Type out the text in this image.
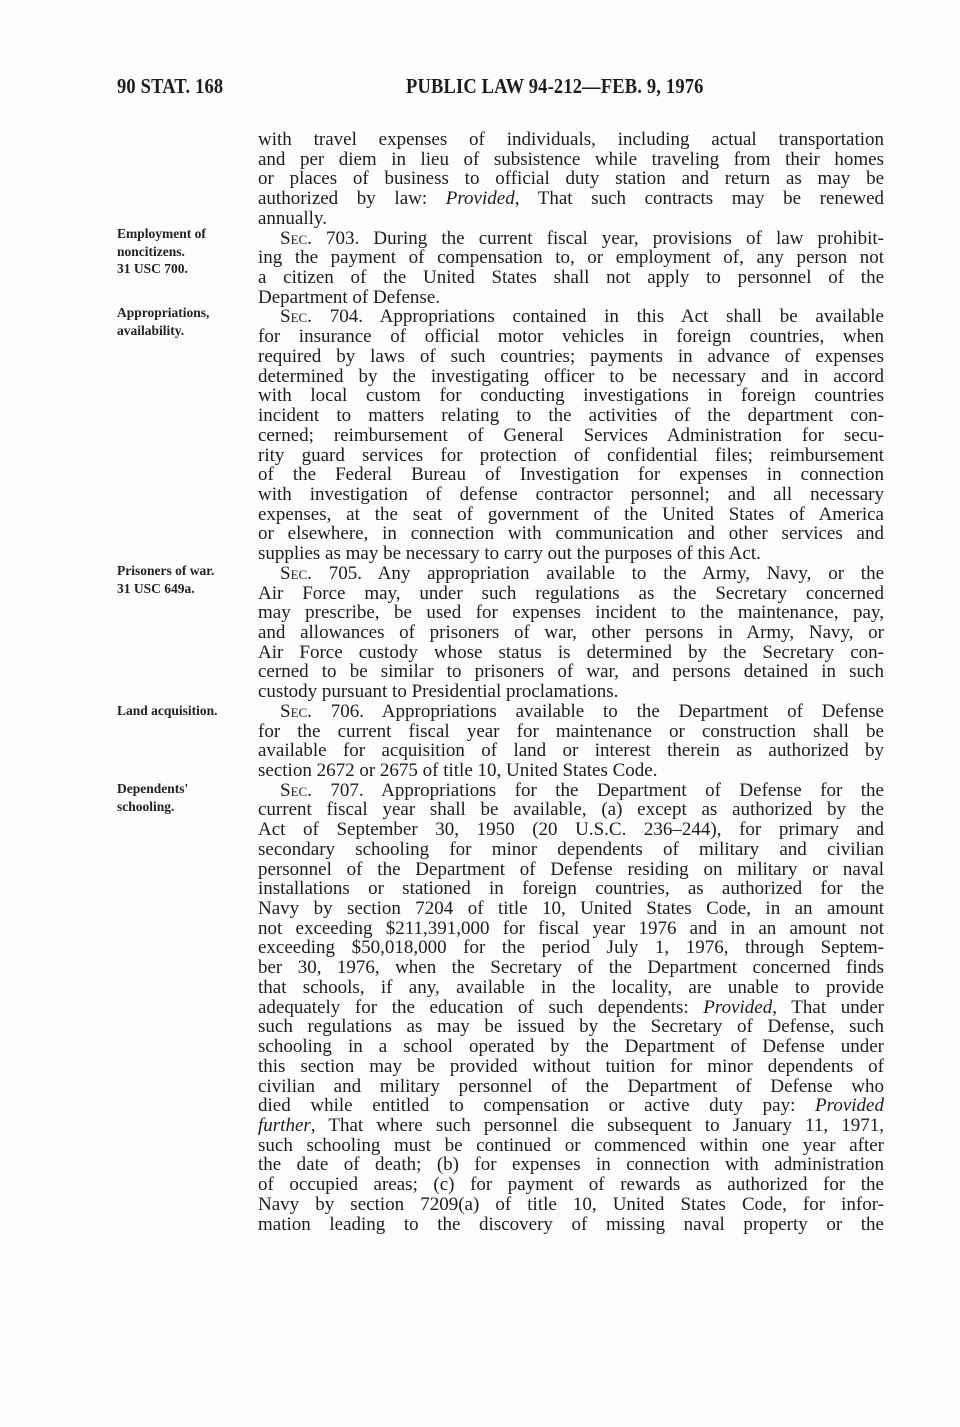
90 STAT. 168	PUBLIC LAW 94-212—FEB. 9, 1976
Employment of
noncitizens.
31 USC 700.
Appropriations,
availability.
Prisoners of war.
31 USC 649a.
Land acquisition.
Dependents'
schooling.
with travel expenses of individuals, including actual transportation
and per diem in lieu of subsistence while traveling from their homes
or places of business to official duty station and return as may be
authorized by law: Provided, That such contracts may be renewed
annually.
Sec. 703. During the current fiscal year, provisions of law prohibit-
ing the payment of compensation to, or employment of, any person not
a citizen of the United States shall not apply to personnel of the
Department of Defense.
Sec. 704. Appropriations contained in this Act shall be available
for insurance of official motor vehicles in foreign countries, when
required by laws of such countries; payments in advance of expenses
determined by the investigating officer to be necessary and in accord
with local custom for conducting investigations in foreign countries
incident to matters relating to the activities of the department con-
cerned; reimbursement of General Services Administration for secu-
rity guard services for protection of confidential files; reimbursement
of the Federal Bureau of Investigation for expenses in connection
with investigation of defense contractor personnel; and all necessary
expenses, at the seat of government of the United States of America
or elsewhere, in connection with communication and other services and
supplies as may be necessary to carry out the purposes of this Act.
Sec. 705. Any appropriation available to the Army, Navy, or the
Air Force may, under such regulations as the Secretary concerned
may prescribe, be used for expenses incident to the maintenance, pay,
and allowances of prisoners of war, other persons in Army, Navy, or
Air Force custody whose status is determined by the Secretary con-
cerned to be similar to prisoners of war, and persons detained in such
custody pursuant to Presidential proclamations.
Sec. 706. Appropriations available to the Department of Defense
for the current fiscal year for maintenance or construction shall be
available for acquisition of land or interest therein as authorized by
section 2672 or 2675 of title 10, United States Code.
Sec. 707. Appropriations for the Department of Defense for the
current fiscal year shall be available, (a) except as authorized by the
Act of September 30, 1950 (20 U.S.C. 236–244), for primary and
secondary schooling for minor dependents of military and civilian
personnel of the Department of Defense residing on military or naval
installations or stationed in foreign countries, as authorized for the
Navy by section 7204 of title 10, United States Code, in an amount
not exceeding $211,391,000 for fiscal year 1976 and in an amount not
exceeding $50,018,000 for the period July 1, 1976, through Septem-
ber 30, 1976, when the Secretary of the Department concerned finds
that schools, if any, available in the locality, are unable to provide
adequately for the education of such dependents: Provided, That under
such regulations as may be issued by the Secretary of Defense, such
schooling in a school operated by the Department of Defense under
this section may be provided without tuition for minor dependents of
civilian and military personnel of the Department of Defense who
died while entitled to compensation or active duty pay: Provided
further, That where such personnel die subsequent to January 11, 1971,
such schooling must be continued or commenced within one year after
the date of death; (b) for expenses in connection with administration
of occupied areas; (c) for payment of rewards as authorized for the
Navy by section 7209(a) of title 10, United States Code, for infor-
mation leading to the discovery of missing naval property or the
